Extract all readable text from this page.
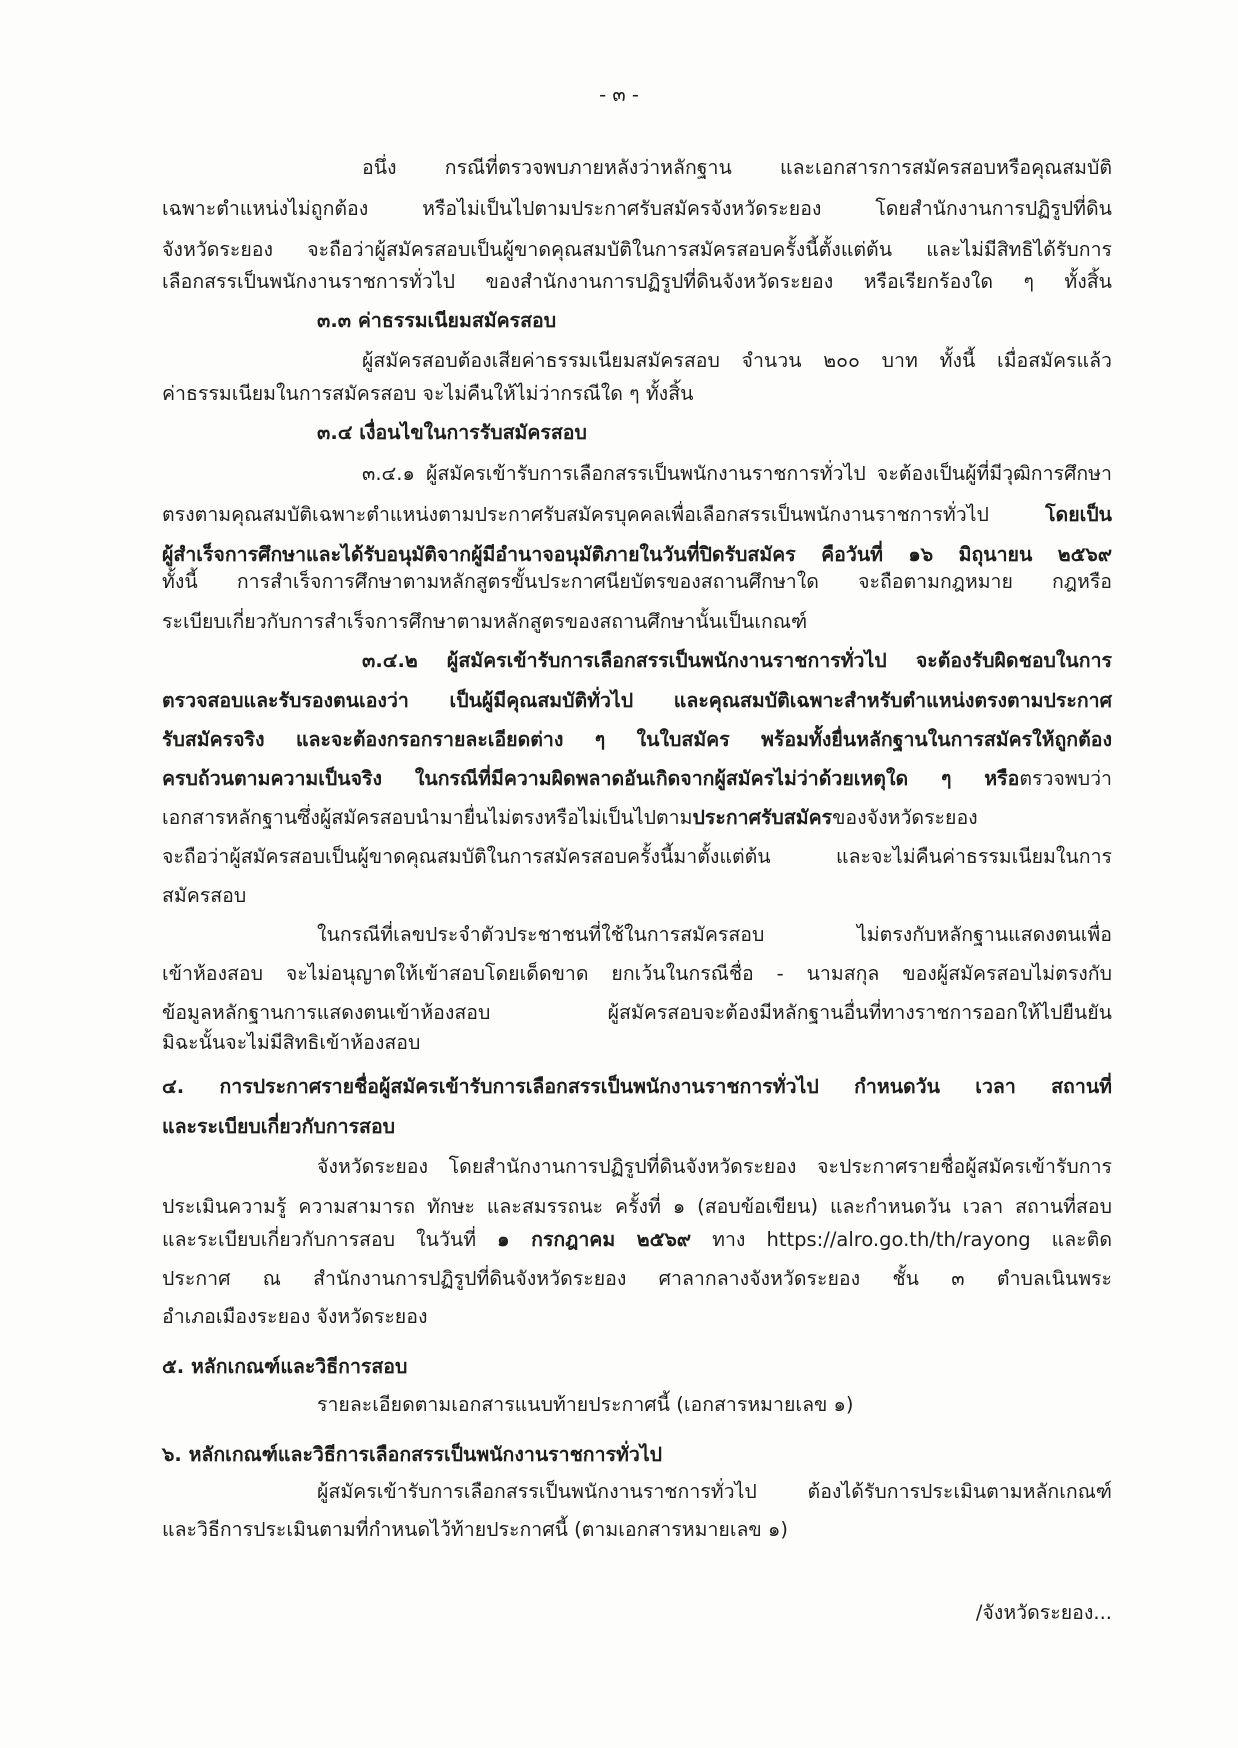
- ๓ -
อนึ่ง กรณีที่ตรวจพบภายหลังว่าหลักฐาน และเอกสารการสมัครสอบหรือคุณสมบัติ
เฉพาะตำแหน่งไม่ถูกต้อง หรือไม่เป็นไปตามประกาศรับสมัครจังหวัดระยอง โดยสำนักงานการปฏิรูปที่ดิน
จังหวัดระยอง จะถือว่าผู้สมัครสอบเป็นผู้ขาดคุณสมบัติในการสมัครสอบครั้งนี้ตั้งแต่ต้น และไม่มีสิทธิได้รับการ
เลือกสรรเป็นพนักงานราชการทั่วไป ของสำนักงานการปฏิรูปที่ดินจังหวัดระยอง หรือเรียกร้องใด ๆ ทั้งสิ้น
๓.๓ ค่าธรรมเนียมสมัครสอบ
ผู้สมัครสอบต้องเสียค่าธรรมเนียมสมัครสอบ จำนวน ๒๐๐ บาท ทั้งนี้ เมื่อสมัครแล้ว
ค่าธรรมเนียมในการสมัครสอบ จะไม่คืนให้ไม่ว่ากรณีใด ๆ ทั้งสิ้น
๓.๔ เงื่อนไขในการรับสมัครสอบ
๓.๔.๑ ผู้สมัครเข้ารับการเลือกสรรเป็นพนักงานราชการทั่วไป จะต้องเป็นผู้ที่มีวุฒิการศึกษา
ตรงตามคุณสมบัติเฉพาะตำแหน่งตามประกาศรับสมัครบุคคลเพื่อเลือกสรรเป็นพนักงานราชการทั่วไป โดยเป็น
ผู้สำเร็จการศึกษาและได้รับอนุมัติจากผู้มีอำนาจอนุมัติภายในวันที่ปิดรับสมัคร คือวันที่ ๑๖ มิถุนายน ๒๕๖๙
ทั้งนี้ การสำเร็จการศึกษาตามหลักสูตรขั้นประกาศนียบัตรของสถานศึกษาใด จะถือตามกฎหมาย กฎหรือ
ระเบียบเกี่ยวกับการสำเร็จการศึกษาตามหลักสูตรของสถานศึกษานั้นเป็นเกณฑ์
๓.๔.๒ ผู้สมัครเข้ารับการเลือกสรรเป็นพนักงานราชการทั่วไป จะต้องรับผิดชอบในการ
ตรวจสอบและรับรองตนเองว่า เป็นผู้มีคุณสมบัติทั่วไป และคุณสมบัติเฉพาะสำหรับตำแหน่งตรงตามประกาศ
รับสมัครจริง และจะต้องกรอกรายละเอียดต่าง ๆ ในใบสมัคร พร้อมทั้งยื่นหลักฐานในการสมัครให้ถูกต้อง
ครบถ้วนตามความเป็นจริง ในกรณีที่มีความผิดพลาดอันเกิดจากผู้สมัครไม่ว่าด้วยเหตุใด ๆ หรือตรวจพบว่า
เอกสารหลักฐานซึ่งผู้สมัครสอบนำมายื่นไม่ตรงหรือไม่เป็นไปตามประกาศรับสมัครของจังหวัดระยอง
จะถือว่าผู้สมัครสอบเป็นผู้ขาดคุณสมบัติในการสมัครสอบครั้งนี้มาตั้งแต่ต้น และจะไม่คืนค่าธรรมเนียมในการ
สมัครสอบ
ในกรณีที่เลขประจำตัวประชาชนที่ใช้ในการสมัครสอบ ไม่ตรงกับหลักฐานแสดงตนเพื่อ
เข้าห้องสอบ จะไม่อนุญาตให้เข้าสอบโดยเด็ดขาด ยกเว้นในกรณีชื่อ - นามสกุล ของผู้สมัครสอบไม่ตรงกับ
ข้อมูลหลักฐานการแสดงตนเข้าห้องสอบ ผู้สมัครสอบจะต้องมีหลักฐานอื่นที่ทางราชการออกให้ไปยืนยัน
มิฉะนั้นจะไม่มีสิทธิเข้าห้องสอบ
๔. การประกาศรายชื่อผู้สมัครเข้ารับการเลือกสรรเป็นพนักงานราชการทั่วไป กำหนดวัน เวลา สถานที่
และระเบียบเกี่ยวกับการสอบ
จังหวัดระยอง โดยสำนักงานการปฏิรูปที่ดินจังหวัดระยอง จะประกาศรายชื่อผู้สมัครเข้ารับการ
ประเมินความรู้ ความสามารถ ทักษะ และสมรรถนะ ครั้งที่ ๑ (สอบข้อเขียน) และกำหนดวัน เวลา สถานที่สอบ
และระเบียบเกี่ยวกับการสอบ ในวันที่ ๑ กรกฎาคม ๒๕๖๙ ทาง https://alro.go.th/th/rayong และติด
ประกาศ ณ สำนักงานการปฏิรูปที่ดินจังหวัดระยอง ศาลากลางจังหวัดระยอง ชั้น ๓ ตำบลเนินพระ
อำเภอเมืองระยอง จังหวัดระยอง
๕. หลักเกณฑ์และวิธีการสอบ
รายละเอียดตามเอกสารแนบท้ายประกาศนี้ (เอกสารหมายเลข ๑)
๖. หลักเกณฑ์และวิธีการเลือกสรรเป็นพนักงานราชการทั่วไป
ผู้สมัครเข้ารับการเลือกสรรเป็นพนักงานราชการทั่วไป ต้องได้รับการประเมินตามหลักเกณฑ์
และวิธีการประเมินตามที่กำหนดไว้ท้ายประกาศนี้ (ตามเอกสารหมายเลข ๑)
/จังหวัดระยอง...
